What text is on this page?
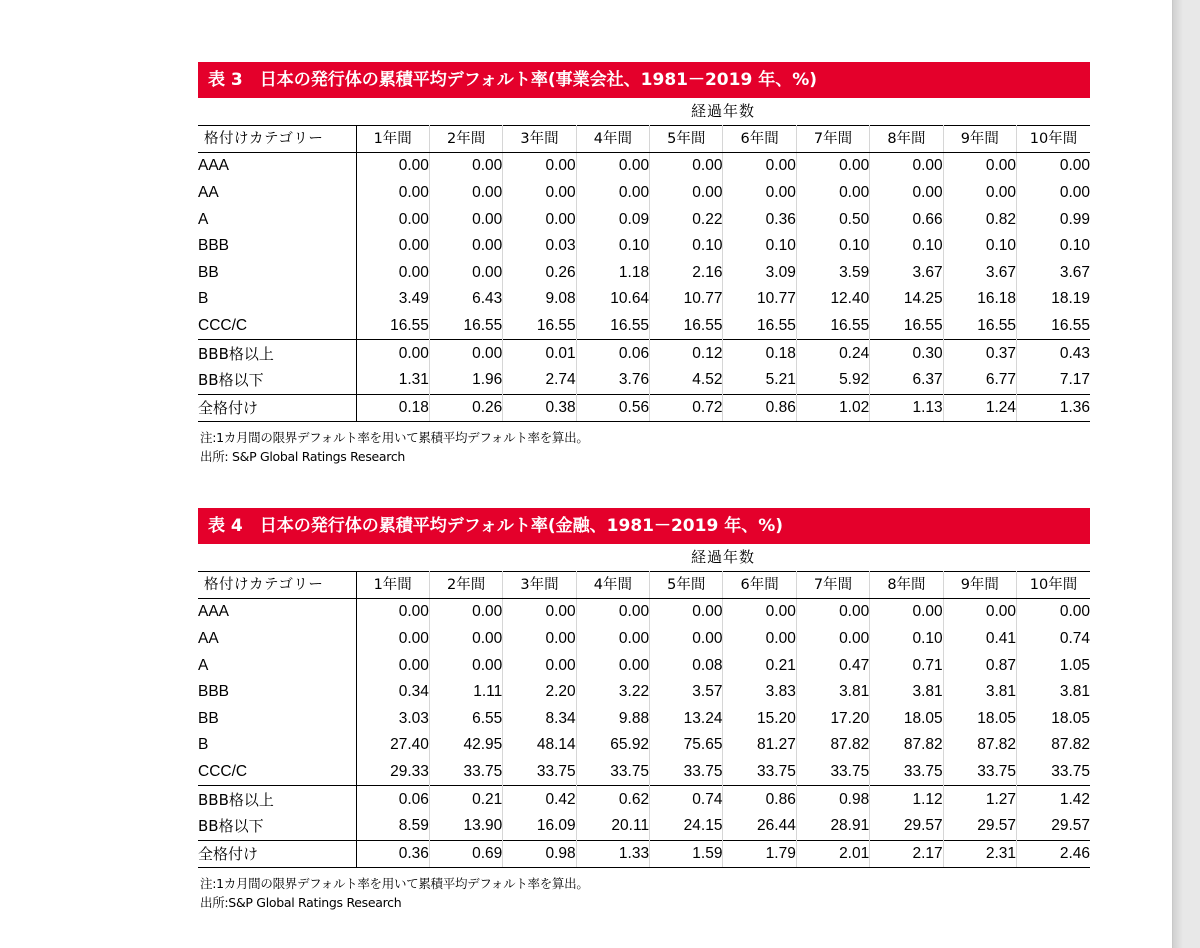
表 3　日本の発行体の累積平均デフォルト率(事業会社、1981－2019 年、%)
経過年数										
格付けカテゴリー	1年間	2年間	3年間	4年間	5年間	6年間	7年間	8年間	9年間	10年間
AAA	0.00	0.00	0.00	0.00	0.00	0.00	0.00	0.00	0.00	0.00
AA	0.00	0.00	0.00	0.00	0.00	0.00	0.00	0.00	0.00	0.00
A	0.00	0.00	0.00	0.09	0.22	0.36	0.50	0.66	0.82	0.99
BBB	0.00	0.00	0.03	0.10	0.10	0.10	0.10	0.10	0.10	0.10
BB	0.00	0.00	0.26	1.18	2.16	3.09	3.59	3.67	3.67	3.67
B	3.49	6.43	9.08	10.64	10.77	10.77	12.40	14.25	16.18	18.19
CCC/C	16.55	16.55	16.55	16.55	16.55	16.55	16.55	16.55	16.55	16.55
BBB格以上	0.00	0.00	0.01	0.06	0.12	0.18	0.24	0.30	0.37	0.43
BB格以下	1.31	1.96	2.74	3.76	4.52	5.21	5.92	6.37	6.77	7.17
全格付け	0.18	0.26	0.38	0.56	0.72	0.86	1.02	1.13	1.24	1.36
注:1カ月間の限界デフォルト率を用いて累積平均デフォルト率を算出。
出所: S&P Global Ratings Research
表 4　日本の発行体の累積平均デフォルト率(金融、1981－2019 年、%)
経過年数										
格付けカテゴリー	1年間	2年間	3年間	4年間	5年間	6年間	7年間	8年間	9年間	10年間
AAA	0.00	0.00	0.00	0.00	0.00	0.00	0.00	0.00	0.00	0.00
AA	0.00	0.00	0.00	0.00	0.00	0.00	0.00	0.10	0.41	0.74
A	0.00	0.00	0.00	0.00	0.08	0.21	0.47	0.71	0.87	1.05
BBB	0.34	1.11	2.20	3.22	3.57	3.83	3.81	3.81	3.81	3.81
BB	3.03	6.55	8.34	9.88	13.24	15.20	17.20	18.05	18.05	18.05
B	27.40	42.95	48.14	65.92	75.65	81.27	87.82	87.82	87.82	87.82
CCC/C	29.33	33.75	33.75	33.75	33.75	33.75	33.75	33.75	33.75	33.75
BBB格以上	0.06	0.21	0.42	0.62	0.74	0.86	0.98	1.12	1.27	1.42
BB格以下	8.59	13.90	16.09	20.11	24.15	26.44	28.91	29.57	29.57	29.57
全格付け	0.36	0.69	0.98	1.33	1.59	1.79	2.01	2.17	2.31	2.46
注:1カ月間の限界デフォルト率を用いて累積平均デフォルト率を算出。
出所:S&P Global Ratings Research
